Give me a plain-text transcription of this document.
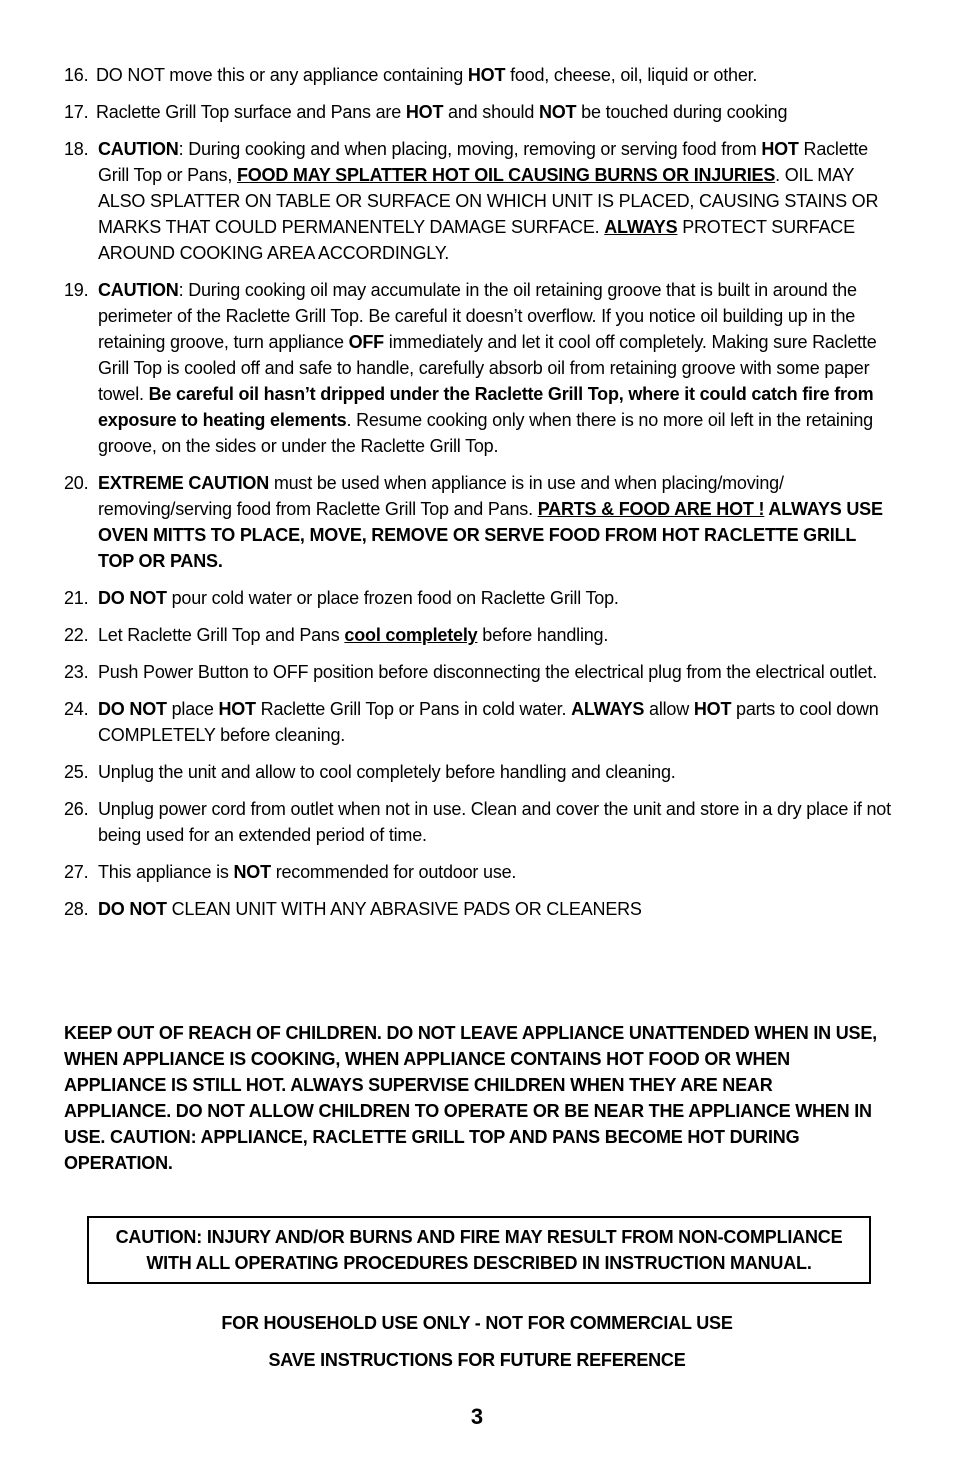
16. DO NOT move this or any appliance containing HOT food, cheese, oil, liquid or other.
17. Raclette Grill Top surface and Pans are HOT and should NOT be touched during cooking
18. CAUTION: During cooking and when placing, moving, removing or serving food from HOT Raclette Grill Top or Pans, FOOD MAY SPLATTER HOT OIL CAUSING BURNS OR INJURIES. OIL MAY ALSO SPLATTER ON TABLE OR SURFACE ON WHICH UNIT IS PLACED, CAUSING STAINS OR MARKS THAT COULD PERMANENTELY DAMAGE SURFACE. ALWAYS PROTECT SURFACE AROUND COOKING AREA ACCORDINGLY.
19. CAUTION: During cooking oil may accumulate in the oil retaining groove that is built in around the perimeter of the Raclette Grill Top. Be careful it doesn’t overflow. If you notice oil building up in the retaining groove, turn appliance OFF immediately and let it cool off completely. Making sure Raclette Grill Top is cooled off and safe to handle, carefully absorb oil from retaining groove with some paper towel. Be careful oil hasn’t dripped under the Raclette Grill Top, where it could catch fire from exposure to heating elements. Resume cooking only when there is no more oil left in the retaining groove, on the sides or under the Raclette Grill Top.
20. EXTREME CAUTION must be used when appliance is in use and when placing/moving/ removing/serving food from Raclette Grill Top and Pans. PARTS & FOOD ARE HOT ! ALWAYS USE OVEN MITTS TO PLACE, MOVE, REMOVE OR SERVE FOOD FROM HOT RACLETTE GRILL TOP OR PANS.
21. DO NOT pour cold water or place frozen food on Raclette Grill Top.
22. Let Raclette Grill Top and Pans cool completely before handling.
23. Push Power Button to OFF position before disconnecting the electrical plug from the electrical outlet.
24. DO NOT place HOT Raclette Grill Top or Pans in cold water. ALWAYS allow HOT parts to cool down COMPLETELY before cleaning.
25. Unplug the unit and allow to cool completely before handling and cleaning.
26. Unplug power cord from outlet when not in use. Clean and cover the unit and store in a dry place if not being used for an extended period of time.
27. This appliance is NOT recommended for outdoor use.
28. DO NOT CLEAN UNIT WITH ANY ABRASIVE PADS OR CLEANERS
KEEP OUT OF REACH OF CHILDREN. DO NOT LEAVE APPLIANCE UNATTENDED WHEN IN USE, WHEN APPLIANCE IS COOKING, WHEN APPLIANCE CONTAINS HOT FOOD OR WHEN APPLIANCE IS STILL HOT. ALWAYS SUPERVISE CHILDREN WHEN THEY ARE NEAR APPLIANCE. DO NOT ALLOW CHILDREN TO OPERATE OR BE NEAR THE APPLIANCE WHEN IN USE. CAUTION: APPLIANCE, RACLETTE GRILL TOP AND PANS BECOME HOT DURING OPERATION.
CAUTION: INJURY AND/OR BURNS AND FIRE MAY RESULT FROM NON-COMPLIANCE
WITH ALL OPERATING PROCEDURES DESCRIBED IN INSTRUCTION MANUAL.
FOR HOUSEHOLD USE ONLY - NOT FOR COMMERCIAL USE
SAVE INSTRUCTIONS FOR FUTURE REFERENCE
3
